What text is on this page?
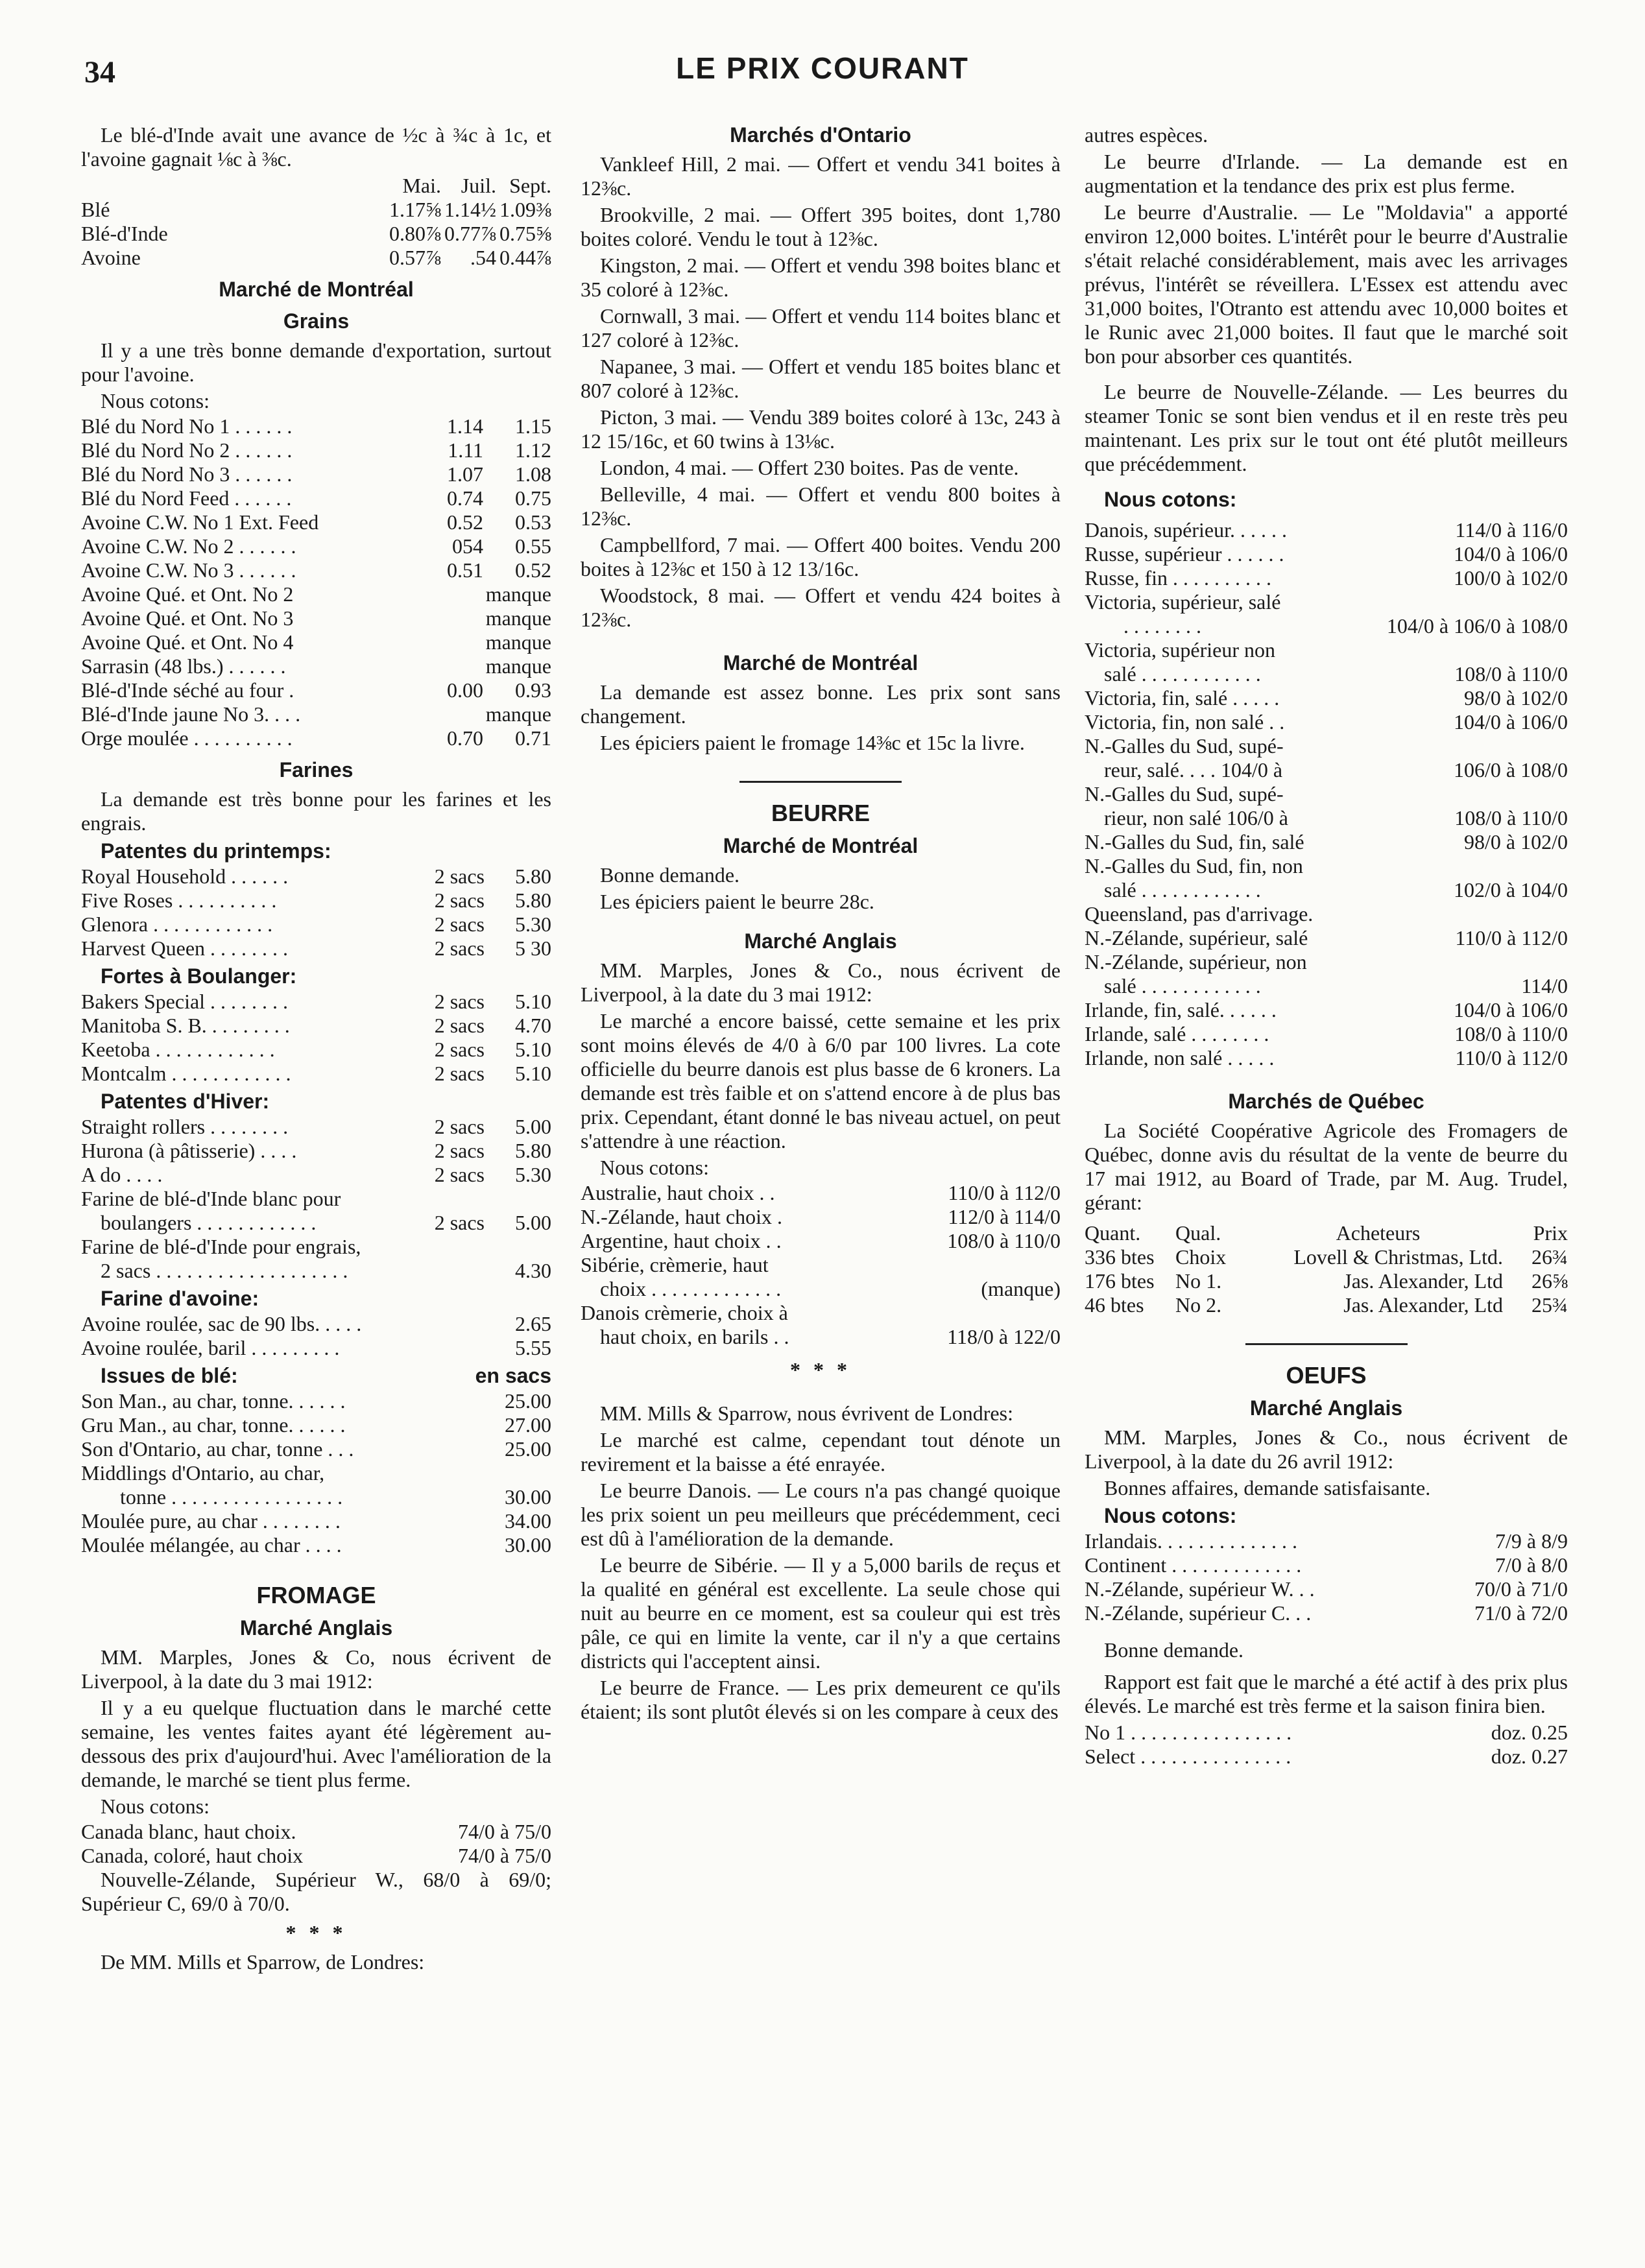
34	LE PRIX COURANT

Le blé-d'Inde avait une avance de ½c à ¾c à 1c, et l'avoine gagnait ⅛c à ⅜c.

Mai. Juil. Sept.
Blé	1.17⅝ 1.14½ 1.09⅜
Blé-d'Inde	0.80⅞ 0.77⅞ 0.75⅝
Avoine	0.57⅞ .54 0.44⅞
Marché de Montréal
Grains

Il y a une très bonne demande d'exportation, surtout pour l'avoine.

Nous cotons:
Blé du Nord No 1 . . . . . .	1.14	1.15
Blé du Nord No 2 . . . . . .	1.11	1.12
Blé du Nord No 3 . . . . . .	1.07	1.08
Blé du Nord Feed . . . . . .	0.74	0.75
Avoine C.W. No 1 Ext. Feed	0.52	0.53
Avoine C.W. No 2 . . . . . .	054	0.55
Avoine C.W. No 3 . . . . . .	0.51	0.52
Avoine Qué. et Ont. No 2	manque
Avoine Qué. et Ont. No 3	manque
Avoine Qué. et Ont. No 4	manque
Sarrasin (48 lbs.) . . . . . .	manque
Blé-d'Inde séché au four .	0.00	0.93
Blé-d'Inde jaune No 3. . . .	manque
Orge moulée . . . . . . . . . .	0.70	0.71
Farines

La demande est très bonne pour les farines et les engrais.

Patentes du printemps:
Royal Household . . . . . .	2 sacs	5.80
Five Roses . . . . . . . . . .	2 sacs	5.80
Glenora . . . . . . . . . . . .	2 sacs	5.30
Harvest Queen . . . . . . . .	2 sacs	5 30
Fortes à Boulanger:
Bakers Special . . . . . . . .	2 sacs	5.10
Manitoba S. B. . . . . . . . .	2 sacs	4.70
Keetoba . . . . . . . . . . . .	2 sacs	5.10
Montcalm . . . . . . . . . . . .	2 sacs	5.10
Patentes d'Hiver:
Straight rollers . . . . . . . .	2 sacs	5.00
Hurona (à pâtisserie) . . . .	2 sacs	5.80
A do . . . .	2 sacs	5.30
Farine de blé-d'Inde blanc pour
boulangers . . . . . . . . . . . .	2 sacs	5.00
Farine de blé-d'Inde pour engrais,
2 sacs . . . . . . . . . . . . . . . . . . .	4.30
Farine d'avoine:
Avoine roulée, sac de 90 lbs. . . . .	2.65
Avoine roulée, baril . . . . . . . . .	5.55
Issues de blé:	en sacs
Son Man., au char, tonne. . . . . .	25.00
Gru Man., au char, tonne. . . . . .	27.00
Son d'Ontario, au char, tonne . . .	25.00
Middlings d'Ontario, au char,
tonne . . . . . . . . . . . . . . . . .	30.00
Moulée pure, au char . . . . . . . .	34.00
Moulée mélangée, au char . . . .	30.00
FROMAGE
Marché Anglais

MM. Marples, Jones & Co, nous écrivent de Liverpool, à la date du 3 mai 1912:

Il y a eu quelque fluctuation dans le marché cette semaine, les ventes faites ayant été légèrement au-dessous des prix d'aujourd'hui. Avec l'amélioration de la demande, le marché se tient plus ferme.

Nous cotons:
Canada blanc, haut choix.	74/0 à 75/0
Canada, coloré, haut choix	74/0 à 75/0

Nouvelle-Zélande, Supérieur W., 68/0 à 69/0; Supérieur C, 69/0 à 70/0.

* * *

De MM. Mills et Sparrow, de Londres:

Marchés d'Ontario

Vankleef Hill, 2 mai. — Offert et vendu 341 boites à 12⅜c.

Brookville, 2 mai. — Offert 395 boites, dont 1,780 boites coloré. Vendu le tout à 12⅜c.

Kingston, 2 mai. — Offert et vendu 398 boites blanc et 35 coloré à 12⅜c.

Cornwall, 3 mai. — Offert et vendu 114 boites blanc et 127 coloré à 12⅜c.

Napanee, 3 mai. — Offert et vendu 185 boites blanc et 807 coloré à 12⅜c.

Picton, 3 mai. — Vendu 389 boites coloré à 13c, 243 à 12 15/16c, et 60 twins à 13⅛c.

London, 4 mai. — Offert 230 boites. Pas de vente.

Belleville, 4 mai. — Offert et vendu 800 boites à 12⅜c.

Campbellford, 7 mai. — Offert 400 boites. Vendu 200 boites à 12⅜c et 150 à 12 13/16c.

Woodstock, 8 mai. — Offert et vendu 424 boites à 12⅜c.

Marché de Montréal

La demande est assez bonne. Les prix sont sans changement.

Les épiciers paient le fromage 14⅜c et 15c la livre.

BEURRE
Marché de Montréal

Bonne demande.

Les épiciers paient le beurre 28c.

Marché Anglais

MM. Marples, Jones & Co., nous écrivent de Liverpool, à la date du 3 mai 1912:

Le marché a encore baissé, cette semaine et les prix sont moins élevés de 4/0 à 6/0 par 100 livres. La cote officielle du beurre danois est plus basse de 6 kroners. La demande est très faible et on s'attend encore à de plus bas prix. Cependant, étant donné le bas niveau actuel, on peut s'attendre à une réaction.

Nous cotons:
Australie, haut choix . .	110/0 à 112/0
N.-Zélande, haut choix .	112/0 à 114/0
Argentine, haut choix . .	108/0 à 110/0
Sibérie, crèmerie, haut
choix . . . . . . . . . . . . .	(manque)
Danois crèmerie, choix à
haut choix, en barils . .	118/0 à 122/0
* * *

MM. Mills & Sparrow, nous évrivent de Londres:

Le marché est calme, cependant tout dénote un revirement et la baisse a été enrayée.

Le beurre Danois. — Le cours n'a pas changé quoique les prix soient un peu meilleurs que précédemment, ceci est dû à l'amélioration de la demande.

Le beurre de Sibérie. — Il y a 5,000 barils de reçus et la qualité en général est excellente. La seule chose qui nuit au beurre en ce moment, est sa couleur qui est très pâle, ce qui en limite la vente, car il n'y a que certains districts qui l'acceptent ainsi.

Le beurre de France. — Les prix demeurent ce qu'ils étaient; ils sont plutôt élevés si on les compare à ceux des

autres espèces.

Le beurre d'Irlande. — La demande est en augmentation et la tendance des prix est plus ferme.

Le beurre d'Australie. — Le "Moldavia" a apporté environ 12,000 boites. L'intérêt pour le beurre d'Australie s'était relaché considérablement, mais avec les arrivages prévus, l'intérêt se réveillera. L'Essex est attendu avec 31,000 boites, l'Otranto est attendu avec 10,000 boites et le Runic avec 21,000 boites. Il faut que le marché soit bon pour absorber ces quantités.

Le beurre de Nouvelle-Zélande. — Les beurres du steamer Tonic se sont bien vendus et il en reste très peu maintenant. Les prix sur le tout ont été plutôt meilleurs que précédemment.

Nous cotons:
Danois, supérieur. . . . . .	114/0 à 116/0
Russe, supérieur . . . . . .	104/0 à 106/0
Russe, fin . . . . . . . . . .	100/0 à 102/0
Victoria, supérieur, salé
. . . . . . . .	104/0 à 106/0 à 108/0
Victoria, supérieur non
salé . . . . . . . . . . . .	108/0 à 110/0
Victoria, fin, salé . . . . .	98/0 à 102/0
Victoria, fin, non salé . .	104/0 à 106/0
N.-Galles du Sud, supé-
reur, salé. . . . 104/0 à	106/0 à 108/0
N.-Galles du Sud, supé-
rieur, non salé 106/0 à	108/0 à 110/0
N.-Galles du Sud, fin, salé	98/0 à 102/0
N.-Galles du Sud, fin, non
salé . . . . . . . . . . . .	102/0 à 104/0
Queensland, pas d'arrivage.
N.-Zélande, supérieur, salé	110/0 à 112/0
N.-Zélande, supérieur, non
salé . . . . . . . . . . . .	114/0
Irlande, fin, salé. . . . . .	104/0 à 106/0
Irlande, salé . . . . . . . .	108/0 à 110/0
Irlande, non salé . . . . .	110/0 à 112/0
Marchés de Québec

La Société Coopérative Agricole des Fromagers de Québec, donne avis du résultat de la vente de beurre du 17 mai 1912, au Board of Trade, par M. Aug. Trudel, gérant:

Quant.	Qual.	Acheteurs	Prix
336 btes	Choix	Lovell & Christmas, Ltd.	26¾
176 btes	No 1.	Jas. Alexander, Ltd	26⅝
46 btes	No 2.	Jas. Alexander, Ltd	25¾
OEUFS
Marché Anglais

MM. Marples, Jones & Co., nous écrivent de Liverpool, à la date du 26 avril 1912:

Bonnes affaires, demande satisfaisante.

Nous cotons:
Irlandais. . . . . . . . . . . . . .	7/9 à 8/9
Continent . . . . . . . . . . . . .	7/0 à 8/0
N.-Zélande, supérieur W. . .	70/0 à 71/0
N.-Zélande, supérieur C. . .	71/0 à 72/0

Bonne demande.

Rapport est fait que le marché a été actif à des prix plus élevés. Le marché est très ferme et la saison finira bien.

No 1 . . . . . . . . . . . . . . . .	doz. 0.25
Select . . . . . . . . . . . . . . .	doz. 0.27
